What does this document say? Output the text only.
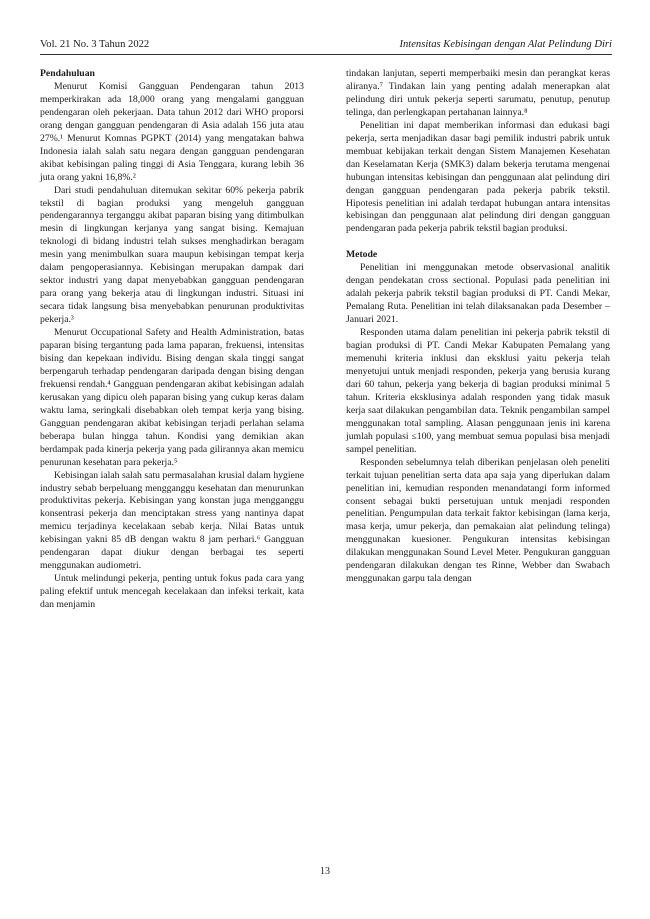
Vol. 21 No. 3 Tahun 2022	Intensitas Kebisingan dengan Alat Pelindung Diri

Pendahuluan

Menurut Komisi Gangguan Pendengaran tahun 2013 memperkirakan ada 18,000 orang yang mengalami gangguan pendengaran oleh pekerjaan. Data tahun 2012 dari WHO proporsi orang dengan gangguan pendengaran di Asia adalah 156 juta atau 27%.¹ Menurut Komnas PGPKT (2014) yang mengatakan bahwa Indonesia ialah salah satu negara dengan gangguan pendengaran akibat kebisingan paling tinggi di Asia Tenggara, kurang lebih 36 juta orang yakni 16,8%.²

Dari studi pendahuluan ditemukan sekitar 60% pekerja pabrik tekstil di bagian produksi yang mengeluh gangguan pendengarannya terganggu akibat paparan bising yang ditimbulkan mesin di lingkungan kerjanya yang sangat bising. Kemajuan teknologi di bidang industri telah sukses menghadirkan beragam mesin yang menimbulkan suara maupun kebisingan tempat kerja dalam pengoperasiannya. Kebisingan merupakan dampak dari sektor industri yang dapat menyebabkan gangguan pendengaran para orang yang bekerja atau di lingkungan industri. Situasi ini secara tidak langsung bisa menyebabkan penurunan produktivitas pekerja.³

Menurut Occupational Safety and Health Administration, batas paparan bising tergantung pada lama paparan, frekuensi, intensitas bising dan kepekaan individu. Bising dengan skala tinggi sangat berpengaruh terhadap pendengaran daripada dengan bising dengan frekuensi rendah.⁴ Gangguan pendengaran akibat kebisingan adalah kerusakan yang dipicu oleh paparan bising yang cukup keras dalam waktu lama, seringkali disebabkan oleh tempat kerja yang bising. Gangguan pendengaran akibat kebisingan terjadi perlahan selama beberapa bulan hingga tahun. Kondisi yang demikian akan berdampak pada kinerja pekerja yang pada gilirannya akan memicu penurunan kesehatan para pekerja.⁵

Kebisingan ialah salah satu permasalahan krusial dalam hygiene industry sebab berpeluang mengganggu kesehatan dan menurunkan produktivitas pekerja. Kebisingan yang konstan juga mengganggu konsentrasi pekerja dan menciptakan stress yang nantinya dapat memicu terjadinya kecelakaan sebab kerja. Nilai Batas untuk kebisingan yakni 85 dB dengan waktu 8 jam perhari.⁶ Gangguan pendengaran dapat diukur dengan berbagai tes seperti menggunakan audiometri.

Untuk melindungi pekerja, penting untuk fokus pada cara yang paling efektif untuk mencegah kecelakaan dan infeksi terkait, kata dan menjamin

tindakan lanjutan, seperti memperbaiki mesin dan perangkat keras aliranya.⁷ Tindakan lain yang penting adalah menerapkan alat pelindung diri untuk pekerja seperti sarumatu, penutup, penutup telinga, dan perlengkapan pertahanan lainnya.⁸

Penelitian ini dapat memberikan informasi dan edukasi bagi pekerja, serta menjadikan dasar bagi pemilik industri pabrik untuk membuat kebijakan terkait dengan Sistem Manajemen Kesehatan dan Keselamatan Kerja (SMK3) dalam bekerja terutama mengenai hubungan intensitas kebisingan dan penggunaan alat pelindung diri dengan gangguan pendengaran pada pekerja pabrik tekstil. Hipotesis penelitian ini adalah terdapat hubungan antara intensitas kebisingan dan penggunaan alat pelindung diri dengan gangguan pendengaran pada pekerja pabrik tekstil bagian produksi.

Metode

Penelitian ini menggunakan metode observasional analitik dengan pendekatan cross sectional. Populasi pada penelitian ini adalah pekerja pabrik tekstil bagian produksi di PT. Candi Mekar, Pemalang Ruta. Penelitian ini telah dilaksanakan pada Desember – Januari 2021.

Responden utama dalam penelitian ini pekerja pabrik tekstil di bagian produksi di PT. Candi Mekar Kabupaten Pemalang yang memenuhi kriteria inklusi dan eksklusi yaitu pekerja telah menyetujui untuk menjadi responden, pekerja yang berusia kurang dari 60 tahun, pekerja yang bekerja di bagian produksi minimal 5 tahun. Kriteria eksklusinya adalah responden yang tidak masuk kerja saat dilakukan pengambilan data. Teknik pengambilan sampel menggunakan total sampling. Alasan penggunaan jenis ini karena jumlah populasi ≤100, yang membuat semua populasi bisa menjadi sampel penelitian.

Responden sebelumnya telah diberikan penjelasan oleh peneliti terkait tujuan penelitian serta data apa saja yang diperlukan dalam penelitian ini, kemudian responden menandatangi form informed consent sebagai bukti persetujuan untuk menjadi responden penelitian. Pengumpulan data terkait faktor kebisingan (lama kerja, masa kerja, umur pekerja, dan pemakaian alat pelindung telinga) menggunakan kuesioner. Pengukuran intensitas kebisingan dilakukan menggunakan Sound Level Meter. Pengukuran gangguan pendengaran dilakukan dengan tes Rinne, Webber dan Swabach menggunakan garpu tala dengan

13
